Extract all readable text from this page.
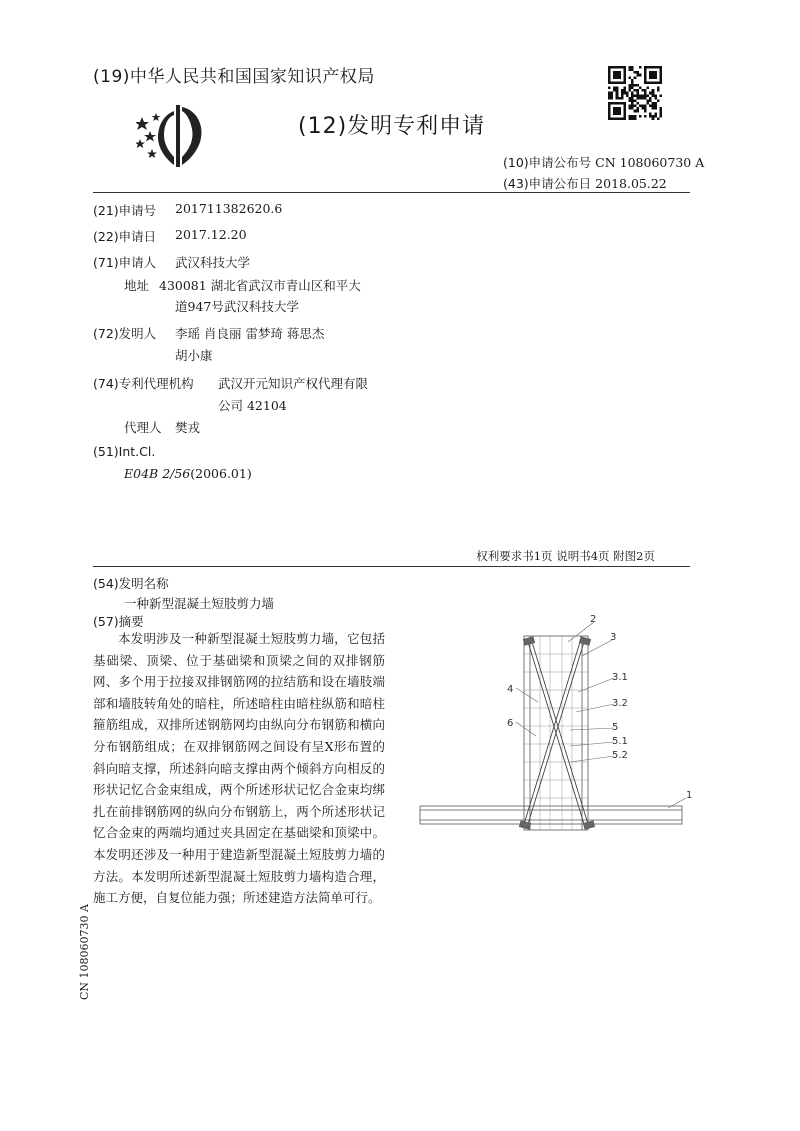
(19)中华人民共和国国家知识产权局
(12)发明专利申请
(10)申请公布号 CN 108060730 A
(43)申请公布日 2018.05.22
(21)申请号 201711382620.6
(22)申请日 2017.12.20
(71)申请人 武汉科技大学
地址 430081 湖北省武汉市青山区和平大
道947号武汉科技大学
(72)发明人 李瑶 肖良丽 雷梦琦 蒋思杰
胡小康
(74)专利代理机构 武汉开元知识产权代理有限
公司 42104
代理人 樊戎
(51)Int.Cl.
E04B 2/56(2006.01)
权利要求书1页 说明书4页 附图2页
(54)发明名称
一种新型混凝土短肢剪力墙
(57)摘要
本发明涉及一种新型混凝土短肢剪力墙，它包括基础梁、顶梁、位于基础梁和顶梁之间的双排钢筋网、多个用于拉接双排钢筋网的拉结筋和设在墙肢端部和墙肢转角处的暗柱，所述暗柱由暗柱纵筋和暗柱箍筋组成，双排所述钢筋网均由纵向分布钢筋和横向分布钢筋组成；在双排钢筋网之间设有呈X形布置的斜向暗支撑，所述斜向暗支撑由两个倾斜方向相反的形状记忆合金束组成，两个所述形状记忆合金束均绑扎在前排钢筋网的纵向分布钢筋上，两个所述形状记忆合金束的两端均通过夹具固定在基础梁和顶梁中。本发明还涉及一种用于建造新型混凝土短肢剪力墙的方法。本发明所述新型混凝土短肢剪力墙构造合理，施工方便，自复位能力强；所述建造方法简单可行。
2
3
3.1
3.2
5
5.1
5.2
4
6
1
CN 108060730 A
